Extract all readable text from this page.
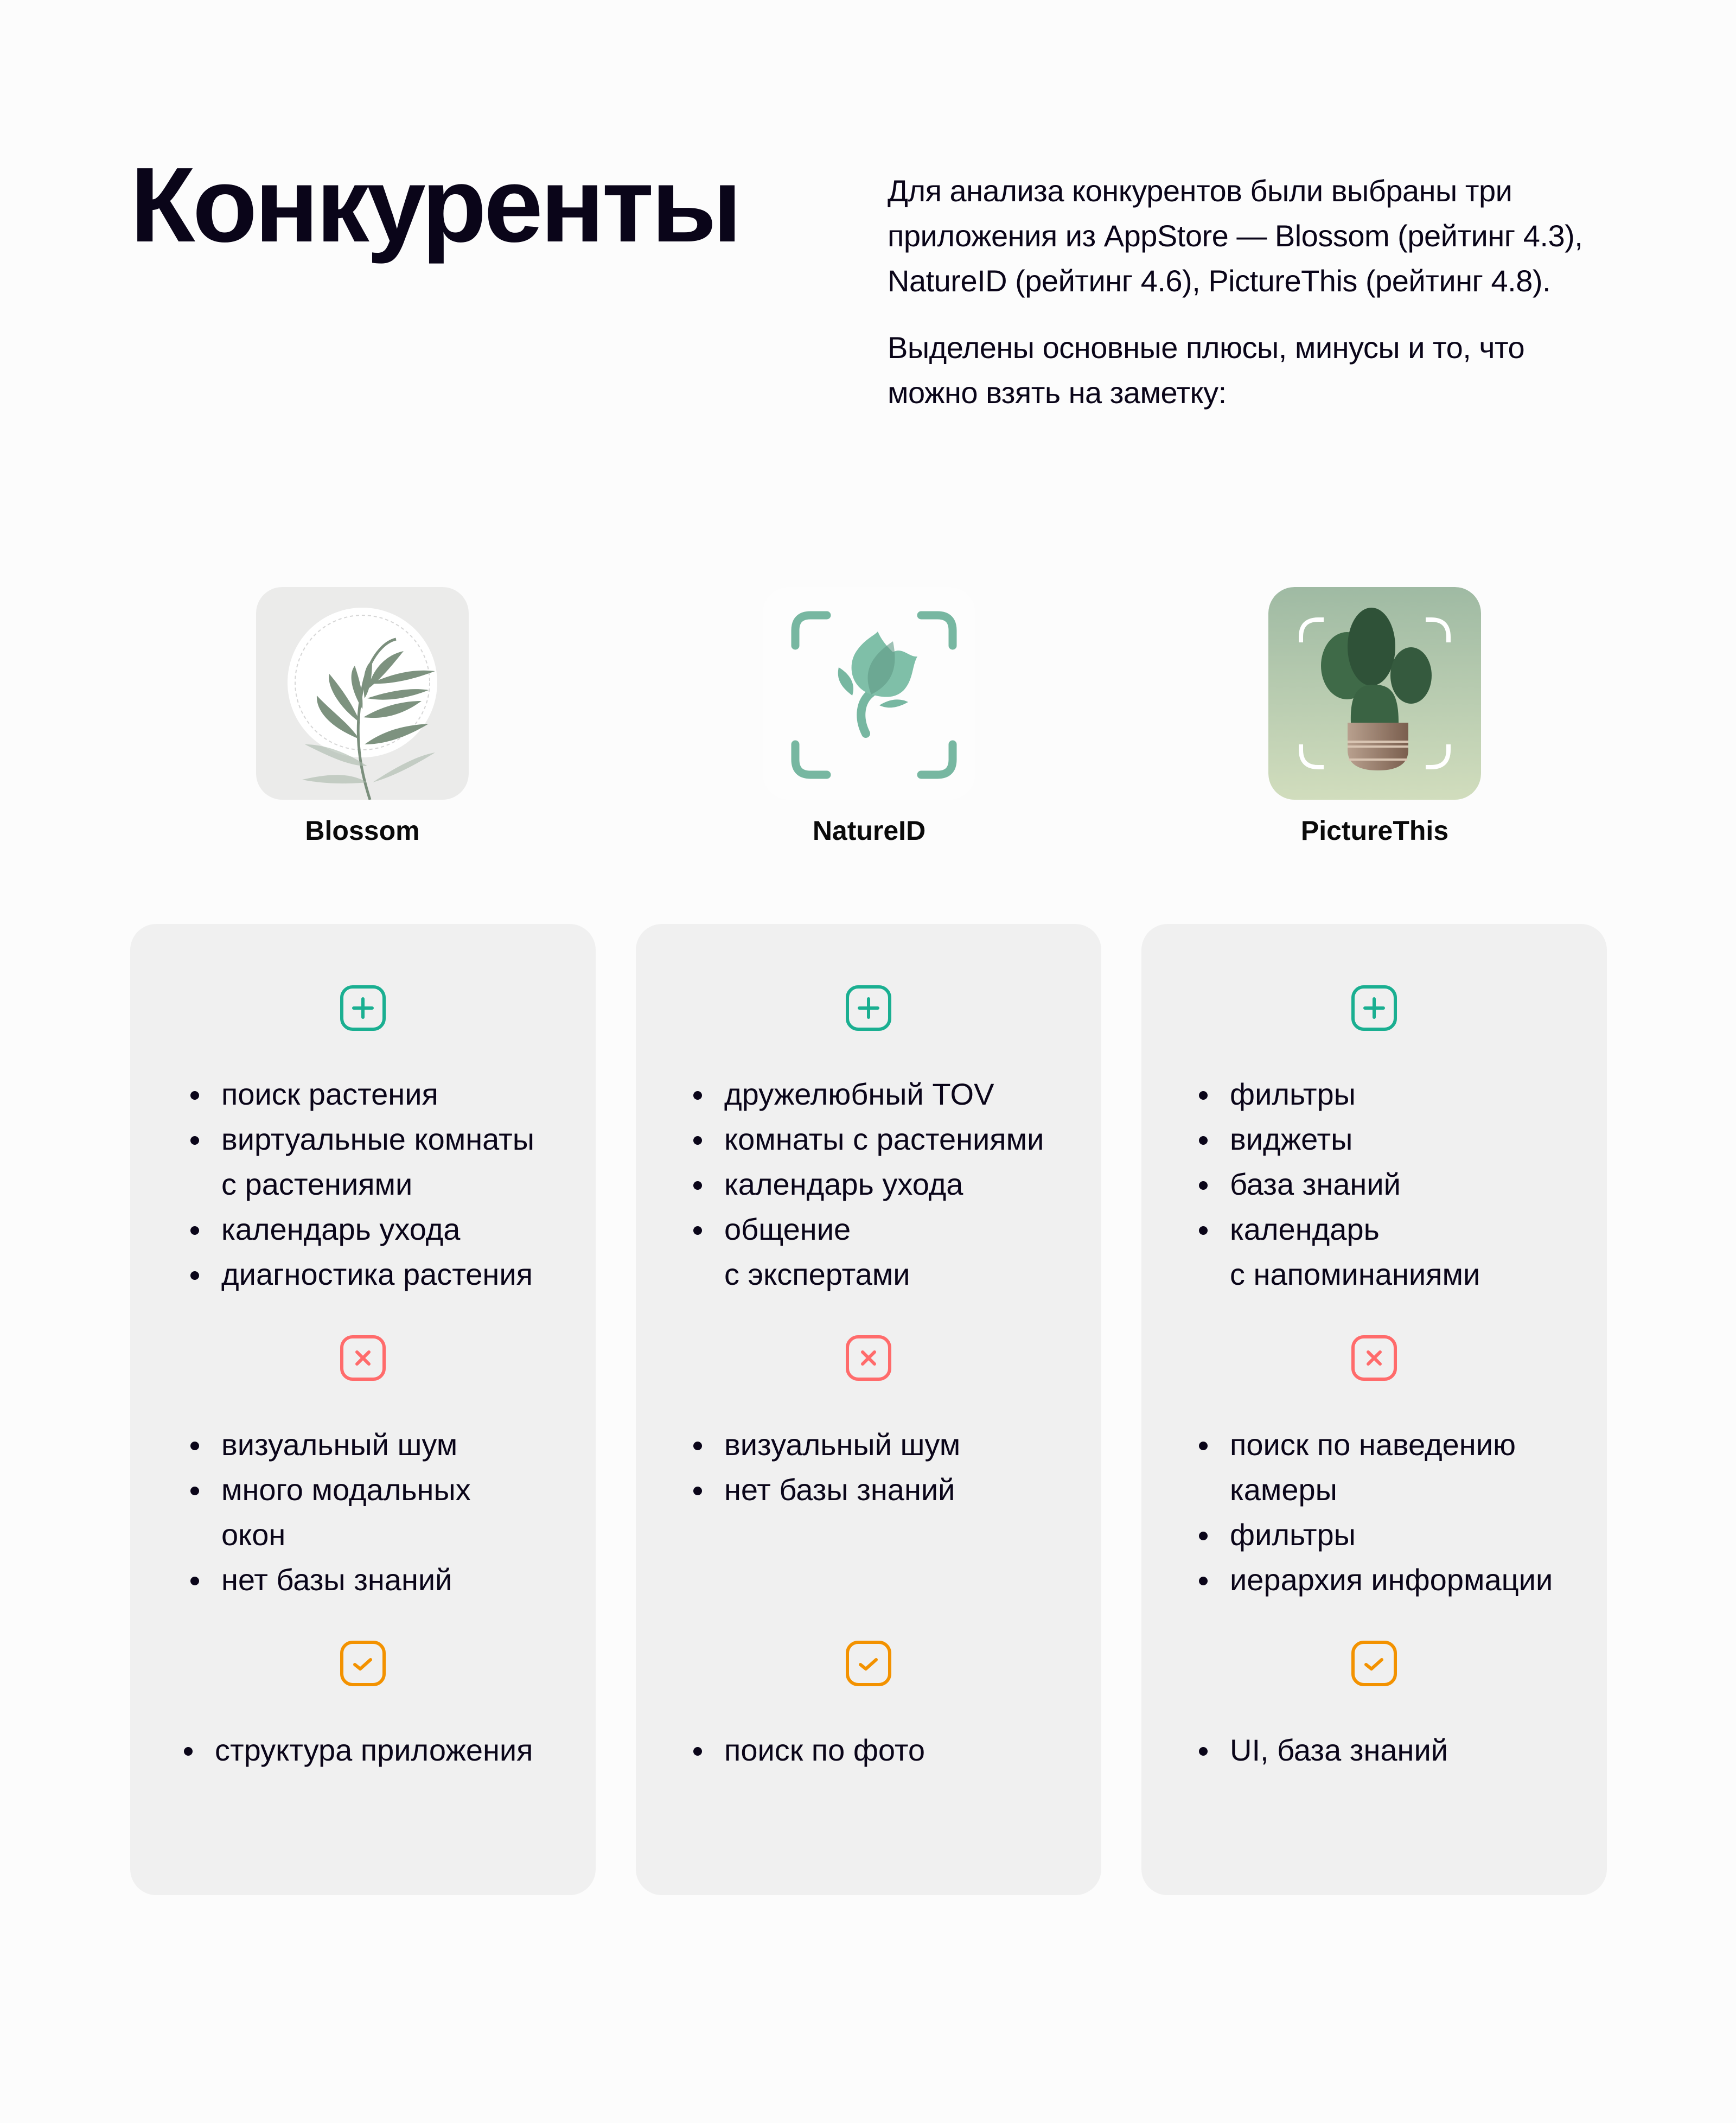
Конкуренты	Для анализа конкурентов были выбраны три приложения из AppStore — Blossom (рейтинг 4.3), NatureID (рейтинг 4.6), PictureThis (рейтинг 4.8).

Выделены основные плюсы, минусы и то, что можно взять на заметку:

Blossom	NatureID	PictureThis
поиск растения
виртуальные комнаты
с растениями
календарь ухода
диагностика растения
визуальный шум
много модальных
окон
нет базы знаний
структура приложения
дружелюбный TOV
комнаты с растениями
календарь ухода
общение
с экспертами
визуальный шум
нет базы знаний
поиск по фото
фильтры
виджеты
база знаний
календарь
с напоминаниями
поиск по наведению
камеры
фильтры
иерархия информации
UI, база знаний
